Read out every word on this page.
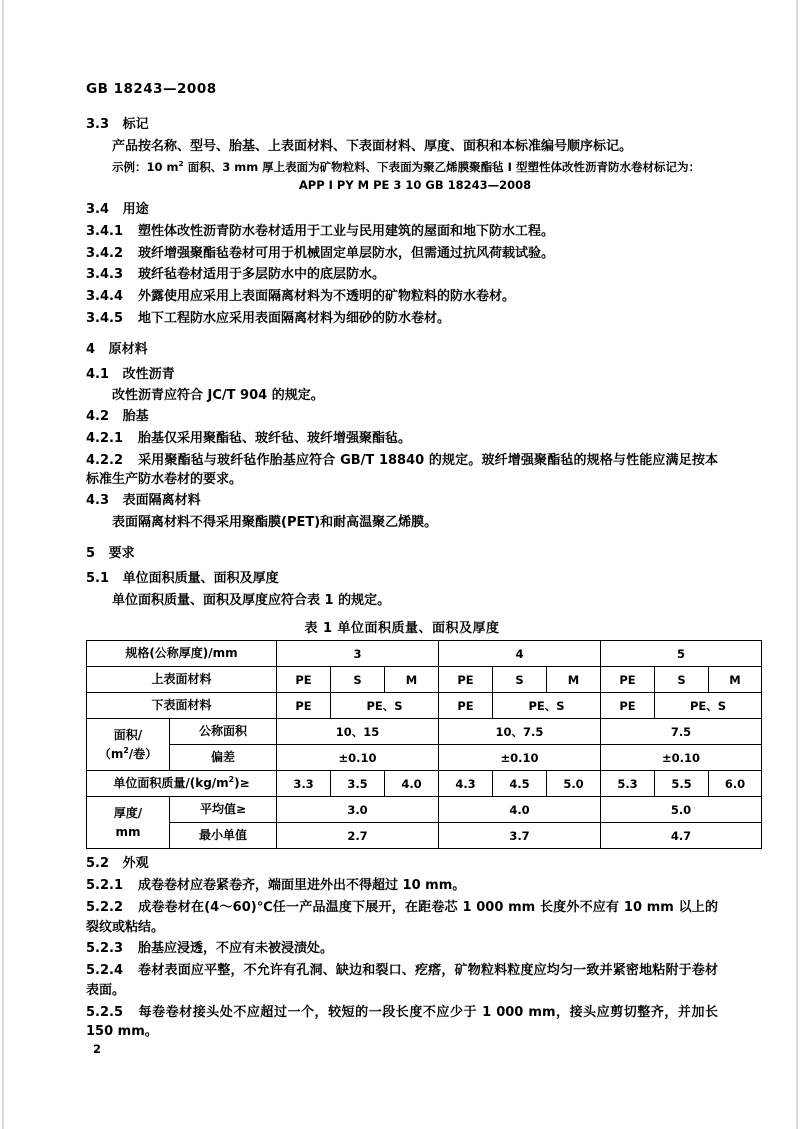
GB 18243—2008
3.3 标记

产品按名称、型号、胎基、上表面材料、下表面材料、厚度、面积和本标准编号顺序标记。

示例：10 $m^2$ 面积、3 mm 厚上表面为矿物粒料、下表面为聚乙烯膜聚酯毡 I 型塑性体改性沥青防水卷材标记为：

APP I PY M PE 3 10 GB 18243—2008

3.4 用途

3.4.1 塑性体改性沥青防水卷材适用于工业与民用建筑的屋面和地下防水工程。

3.4.2 玻纤增强聚酯毡卷材可用于机械固定单层防水，但需通过抗风荷载试验。

3.4.3 玻纤毡卷材适用于多层防水中的底层防水。

3.4.4 外露使用应采用上表面隔离材料为不透明的矿物粒料的防水卷材。

3.4.5 地下工程防水应采用表面隔离材料为细砂的防水卷材。

4 原材料
4.1 改性沥青

改性沥青应符合 JC/T 904 的规定。

4.2 胎基

4.2.1 胎基仅采用聚酯毡、玻纤毡、玻纤增强聚酯毡。

4.2.2 采用聚酯毡与玻纤毡作胎基应符合 GB/T 18840 的规定。玻纤增强聚酯毡的规格与性能应满足按本标准生产防水卷材的要求。

4.3 表面隔离材料

表面隔离材料不得采用聚酯膜(PET)和耐高温聚乙烯膜。

5 要求
5.1 单位面积质量、面积及厚度

单位面积质量、面积及厚度应符合表 1 的规定。

表 1 单位面积质量、面积及厚度
规格(公称厚度)/mm		3			4			5		
上表面材料		PE	S	M	PE	S	M	PE	S	M
下表面材料		PE	PE、S		PE	PE、S		PE	PE、S	

面积/
（$m^2/$卷）	公称面积	10、15			10、7.5			7.5		
	偏差	±0.10			±0.10			±0.10		
单位面积质量$/(kg/m^2)\ge$		3.3	3.5	4.0	4.3	4.5	5.0	5.3	5.5	6.0

厚度/
mm	平均值≥	3.0			4.0			5.0		
	最小单值	2.7			3.7			4.7		
5.2 外观

5.2.1 成卷卷材应卷紧卷齐，端面里进外出不得超过 10 mm。

5.2.2 成卷卷材在(4～60)℃任一产品温度下展开，在距卷芯 1 000 mm 长度外不应有 10 mm 以上的裂纹或粘结。

5.2.3 胎基应浸透，不应有未被浸渍处。

5.2.4 卷材表面应平整，不允许有孔洞、缺边和裂口、疙瘩，矿物粒料粒度应均匀一致并紧密地粘附于卷材表面。

5.2.5 每卷卷材接头处不应超过一个，较短的一段长度不应少于 1 000 mm，接头应剪切整齐，并加长 150 mm。

2
